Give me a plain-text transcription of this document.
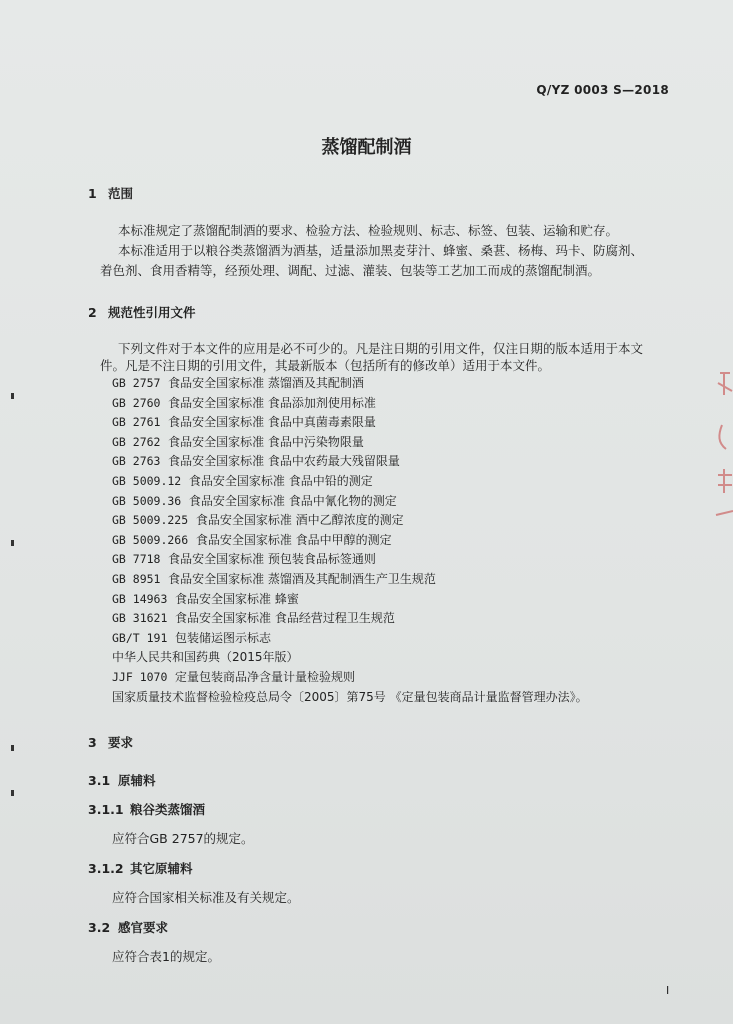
Q/YZ 0003 S—2018
蒸馏配制酒
1 范围
本标准规定了蒸馏配制酒的要求、检验方法、检验规则、标志、标签、包装、运输和贮存。
本标准适用于以粮谷类蒸馏酒为酒基，适量添加黑麦芽汁、蜂蜜、桑葚、杨梅、玛卡、防腐剂、
着色剂、食用香精等，经预处理、调配、过滤、灌装、包装等工艺加工而成的蒸馏配制酒。
2 规范性引用文件
下列文件对于本文件的应用是必不可少的。凡是注日期的引用文件，仅注日期的版本适用于本文
件。凡是不注日期的引用文件，其最新版本（包括所有的修改单）适用于本文件。
GB 2757 食品安全国家标准 蒸馏酒及其配制酒
GB 2760 食品安全国家标准 食品添加剂使用标准
GB 2761 食品安全国家标准 食品中真菌毒素限量
GB 2762 食品安全国家标准 食品中污染物限量
GB 2763 食品安全国家标准 食品中农药最大残留限量
GB 5009.12 食品安全国家标准 食品中铅的测定
GB 5009.36 食品安全国家标准 食品中氰化物的测定
GB 5009.225 食品安全国家标准 酒中乙醇浓度的测定
GB 5009.266 食品安全国家标准 食品中甲醇的测定
GB 7718 食品安全国家标准 预包装食品标签通则
GB 8951 食品安全国家标准 蒸馏酒及其配制酒生产卫生规范
GB 14963 食品安全国家标准 蜂蜜
GB 31621 食品安全国家标准 食品经营过程卫生规范
GB/T 191 包装储运图示标志
中华人民共和国药典（2015年版）
JJF 1070 定量包装商品净含量计量检验规则
国家质量技术监督检验检疫总局令〔2005〕第75号 《定量包装商品计量监督管理办法》。
3 要求
3.1 原辅料
3.1.1 粮谷类蒸馏酒
应符合GB 2757的规定。
3.1.2 其它原辅料
应符合国家相关标准及有关规定。
3.2 感官要求
应符合表1的规定。
I
